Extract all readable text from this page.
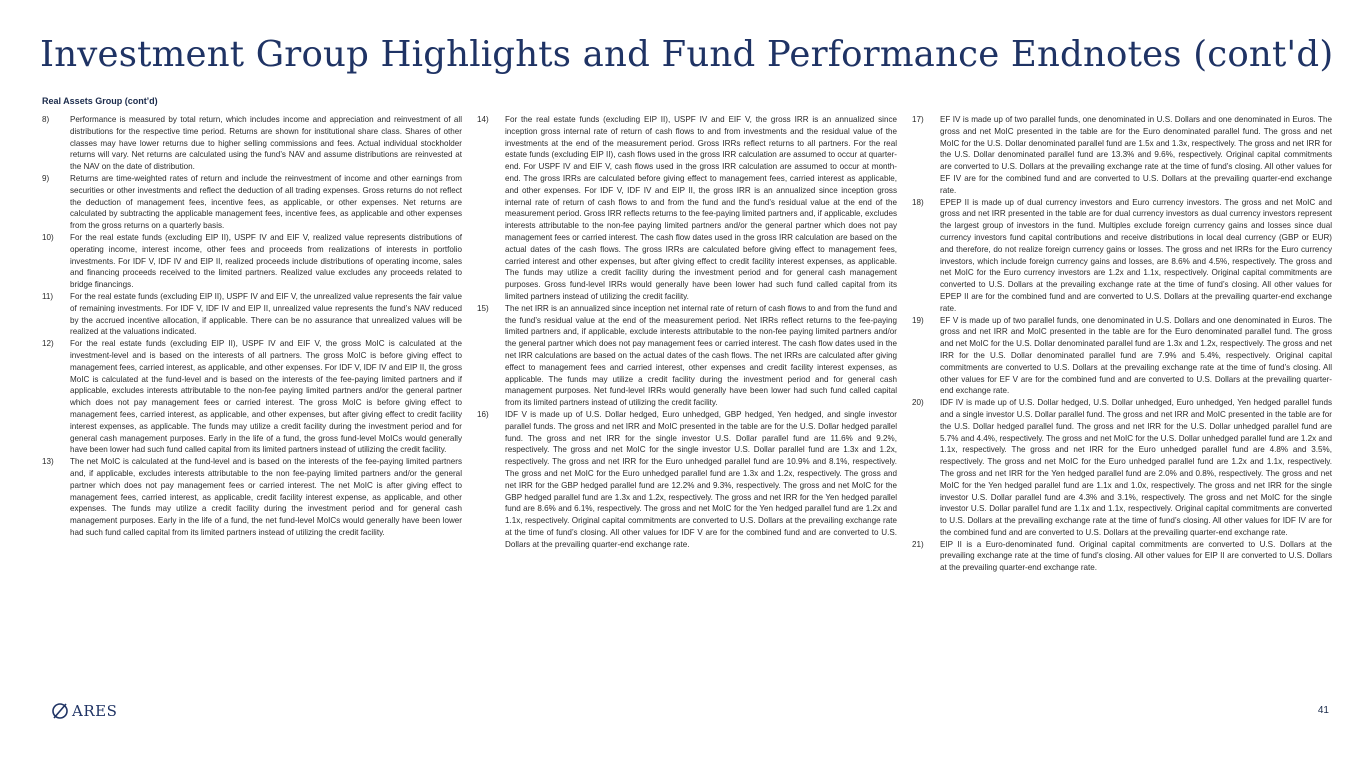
Investment Group Highlights and Fund Performance Endnotes (cont'd)
Real Assets Group (cont’d)
8)	Performance is measured by total return, which includes income and appreciation and reinvestment of all distributions for the respective time period. Returns are shown for institutional share class. Shares of other classes may have lower returns due to higher selling commissions and fees. Actual individual stockholder returns will vary. Net returns are calculated using the fund’s NAV and assume distributions are reinvested at the NAV on the date of distribution.

9)	Returns are time-weighted rates of return and include the reinvestment of income and other earnings from securities or other investments and reflect the deduction of all trading expenses. Gross returns do not reflect the deduction of management fees, incentive fees, as applicable, or other expenses. Net returns are calculated by subtracting the applicable management fees, incentive fees, as applicable and other expenses from the gross returns on a quarterly basis.

10)	For the real estate funds (excluding EIP II), USPF IV and EIF V, realized value represents distributions of operating income, interest income, other fees and proceeds from realizations of interests in portfolio investments. For IDF V, IDF IV and EIP II, realized proceeds include distributions of operating income, sales and financing proceeds received to the limited partners. Realized value excludes any proceeds related to bridge financings.

11)	For the real estate funds (excluding EIP II), USPF IV and EIF V, the unrealized value represents the fair value of remaining investments. For IDF V, IDF IV and EIP II, unrealized value represents the fund’s NAV reduced by the accrued incentive allocation, if applicable. There can be no assurance that unrealized values will be realized at the valuations indicated.

12)	For the real estate funds (excluding EIP II), USPF IV and EIF V, the gross MoIC is calculated at the investment-level and is based on the interests of all partners. The gross MoIC is before giving effect to management fees, carried interest, as applicable, and other expenses. For IDF V, IDF IV and EIP II, the gross MoIC is calculated at the fund-level and is based on the interests of the fee-paying limited partners and if applicable, excludes interests attributable to the non-fee paying limited partners and/or the general partner which does not pay management fees or carried interest. The gross MoIC is before giving effect to management fees, carried interest, as applicable, and other expenses, but after giving effect to credit facility interest expenses, as applicable. The funds may utilize a credit facility during the investment period and for general cash management purposes. Early in the life of a fund, the gross fund-level MoICs would generally have been lower had such fund called capital from its limited partners instead of utilizing the credit facility.

13)	The net MoIC is calculated at the fund-level and is based on the interests of the fee-paying limited partners and, if applicable, excludes interests attributable to the non fee-paying limited partners and/or the general partner which does not pay management fees or carried interest. The net MoIC is after giving effect to management fees, carried interest, as applicable, credit facility interest expense, as applicable, and other expenses. The funds may utilize a credit facility during the investment period and for general cash management purposes. Early in the life of a fund, the net fund-level MoICs would generally have been lower had such fund called capital from its limited partners instead of utilizing the credit facility.

14)	For the real estate funds (excluding EIP II), USPF IV and EIF V, the gross IRR is an annualized since inception gross internal rate of return of cash flows to and from investments and the residual value of the investments at the end of the measurement period. Gross IRRs reflect returns to all partners. For the real estate funds (excluding EIP II), cash flows used in the gross IRR calculation are assumed to occur at quarter-end. For USPF IV and EIF V, cash flows used in the gross IRR calculation are assumed to occur at month-end. The gross IRRs are calculated before giving effect to management fees, carried interest as applicable, and other expenses. For IDF V, IDF IV and EIP II, the gross IRR is an annualized since inception gross internal rate of return of cash flows to and from the fund and the fund’s residual value at the end of the measurement period. Gross IRR reflects returns to the fee-paying limited partners and, if applicable, excludes interests attributable to the non-fee paying limited partners and/or the general partner which does not pay management fees or carried interest. The cash flow dates used in the gross IRR calculation are based on the actual dates of the cash flows. The gross IRRs are calculated before giving effect to management fees, carried interest and other expenses, but after giving effect to credit facility interest expenses, as applicable. The funds may utilize a credit facility during the investment period and for general cash management purposes. Gross fund-level IRRs would generally have been lower had such fund called capital from its limited partners instead of utilizing the credit facility.

15)	The net IRR is an annualized since inception net internal rate of return of cash flows to and from the fund and the fund’s residual value at the end of the measurement period. Net IRRs reflect returns to the fee-paying limited partners and, if applicable, exclude interests attributable to the non-fee paying limited partners and/or the general partner which does not pay management fees or carried interest. The cash flow dates used in the net IRR calculations are based on the actual dates of the cash flows. The net IRRs are calculated after giving effect to management fees and carried interest, other expenses and credit facility interest expenses, as applicable. The funds may utilize a credit facility during the investment period and for general cash management purposes. Net fund-level IRRs would generally have been lower had such fund called capital from its limited partners instead of utilizing the credit facility.

16)	IDF V is made up of U.S. Dollar hedged, Euro unhedged, GBP hedged, Yen hedged, and single investor parallel funds. The gross and net IRR and MoIC presented in the table are for the U.S. Dollar hedged parallel fund. The gross and net IRR for the single investor U.S. Dollar parallel fund are 11.6% and 9.2%, respectively. The gross and net MoIC for the single investor U.S. Dollar parallel fund are 1.3x and 1.2x, respectively. The gross and net IRR for the Euro unhedged parallel fund are 10.9% and 8.1%, respectively. The gross and net MoIC for the Euro unhedged parallel fund are 1.3x and 1.2x, respectively. The gross and net IRR for the GBP hedged parallel fund are 12.2% and 9.3%, respectively. The gross and net MoIC for the GBP hedged parallel fund are 1.3x and 1.2x, respectively. The gross and net IRR for the Yen hedged parallel fund are 8.6% and 6.1%, respectively. The gross and net MoIC for the Yen hedged parallel fund are 1.2x and 1.1x, respectively. Original capital commitments are converted to U.S. Dollars at the prevailing exchange rate at the time of fund’s closing. All other values for IDF V are for the combined fund and are converted to U.S. Dollars at the prevailing quarter-end exchange rate.

17)	EF IV is made up of two parallel funds, one denominated in U.S. Dollars and one denominated in Euros. The gross and net MoIC presented in the table are for the Euro denominated parallel fund. The gross and net MoIC for the U.S. Dollar denominated parallel fund are 1.5x and 1.3x, respectively. The gross and net IRR for the U.S. Dollar denominated parallel fund are 13.3% and 9.6%, respectively. Original capital commitments are converted to U.S. Dollars at the prevailing exchange rate at the time of fund’s closing. All other values for EF IV are for the combined fund and are converted to U.S. Dollars at the prevailing quarter-end exchange rate.

18)	EPEP II is made up of dual currency investors and Euro currency investors. The gross and net MoIC and gross and net IRR presented in the table are for dual currency investors as dual currency investors represent the largest group of investors in the fund. Multiples exclude foreign currency gains and losses since dual currency investors fund capital contributions and receive distributions in local deal currency (GBP or EUR) and therefore, do not realize foreign currency gains or losses. The gross and net IRRs for the Euro currency investors, which include foreign currency gains and losses, are 8.6% and 4.5%, respectively. The gross and net MoIC for the Euro currency investors are 1.2x and 1.1x, respectively. Original capital commitments are converted to U.S. Dollars at the prevailing exchange rate at the time of fund’s closing. All other values for EPEP II are for the combined fund and are converted to U.S. Dollars at the prevailing quarter-end exchange rate.

19)	EF V is made up of two parallel funds, one denominated in U.S. Dollars and one denominated in Euros. The gross and net IRR and MoIC presented in the table are for the Euro denominated parallel fund. The gross and net MoIC for the U.S. Dollar denominated parallel fund are 1.3x and 1.2x, respectively. The gross and net IRR for the U.S. Dollar denominated parallel fund are 7.9% and 5.4%, respectively. Original capital commitments are converted to U.S. Dollars at the prevailing exchange rate at the time of fund’s closing. All other values for EF V are for the combined fund and are converted to U.S. Dollars at the prevailing quarter-end exchange rate.

20)	IDF IV is made up of U.S. Dollar hedged, U.S. Dollar unhedged, Euro unhedged, Yen hedged parallel funds and a single investor U.S. Dollar parallel fund. The gross and net IRR and MoIC presented in the table are for the U.S. Dollar hedged parallel fund. The gross and net IRR for the U.S. Dollar unhedged parallel fund are 5.7% and 4.4%, respectively. The gross and net MoIC for the U.S. Dollar unhedged parallel fund are 1.2x and 1.1x, respectively. The gross and net IRR for the Euro unhedged parallel fund are 4.8% and 3.5%, respectively. The gross and net MoIC for the Euro unhedged parallel fund are 1.2x and 1.1x, respectively. The gross and net IRR for the Yen hedged parallel fund are 2.0% and 0.8%, respectively. The gross and net MoIC for the Yen hedged parallel fund are 1.1x and 1.0x, respectively. The gross and net IRR for the single investor U.S. Dollar parallel fund are 4.3% and 3.1%, respectively. The gross and net MoIC for the single investor U.S. Dollar parallel fund are 1.1x and 1.1x, respectively. Original capital commitments are converted to U.S. Dollars at the prevailing exchange rate at the time of fund’s closing. All other values for IDF IV are for the combined fund and are converted to U.S. Dollars at the prevailing quarter-end exchange rate.

21)	EIP II is a Euro-denominated fund. Original capital commitments are converted to U.S. Dollars at the prevailing exchange rate at the time of fund’s closing. All other values for EIP II are converted to U.S. Dollars at the prevailing quarter-end exchange rate.

ARES	41
